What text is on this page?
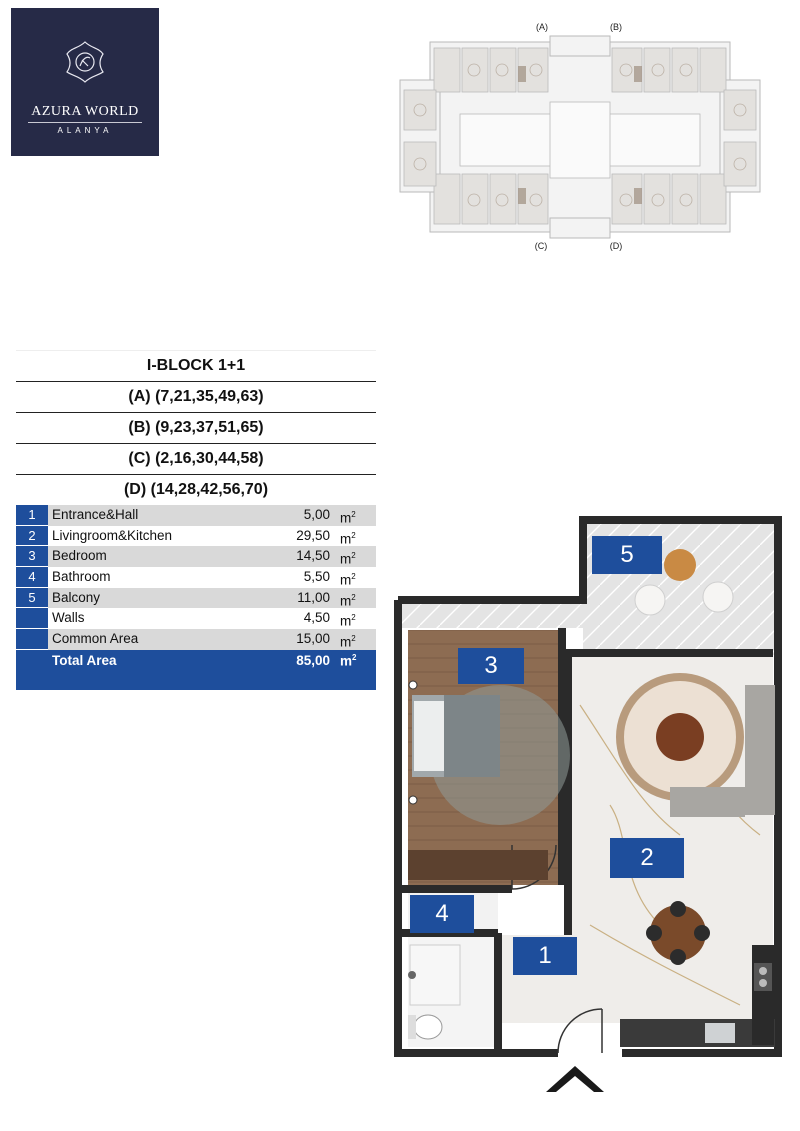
AZURA WORLD
ALANYA
(A)	(B)
(C)	(D)
I-BLOCK 1+1
(A) (7,21,35,49,63)
(B) (9,23,37,51,65)
(C) (2,16,30,44,58)
(D) (14,28,42,56,70)
1	Entrance&Hall	5,00 $m^2$
2	Livingroom&Kitchen	29,50 $m^2$
3	Bedroom	14,50 $m^2$
4	Bathroom	5,50 $m^2$
5	Balcony	11,00 $m^2$
Walls	4,50 $m^2$
Common Area	15,00 $m^2$
Total Area	85,00 $m^2$
5
3
2
4
1
